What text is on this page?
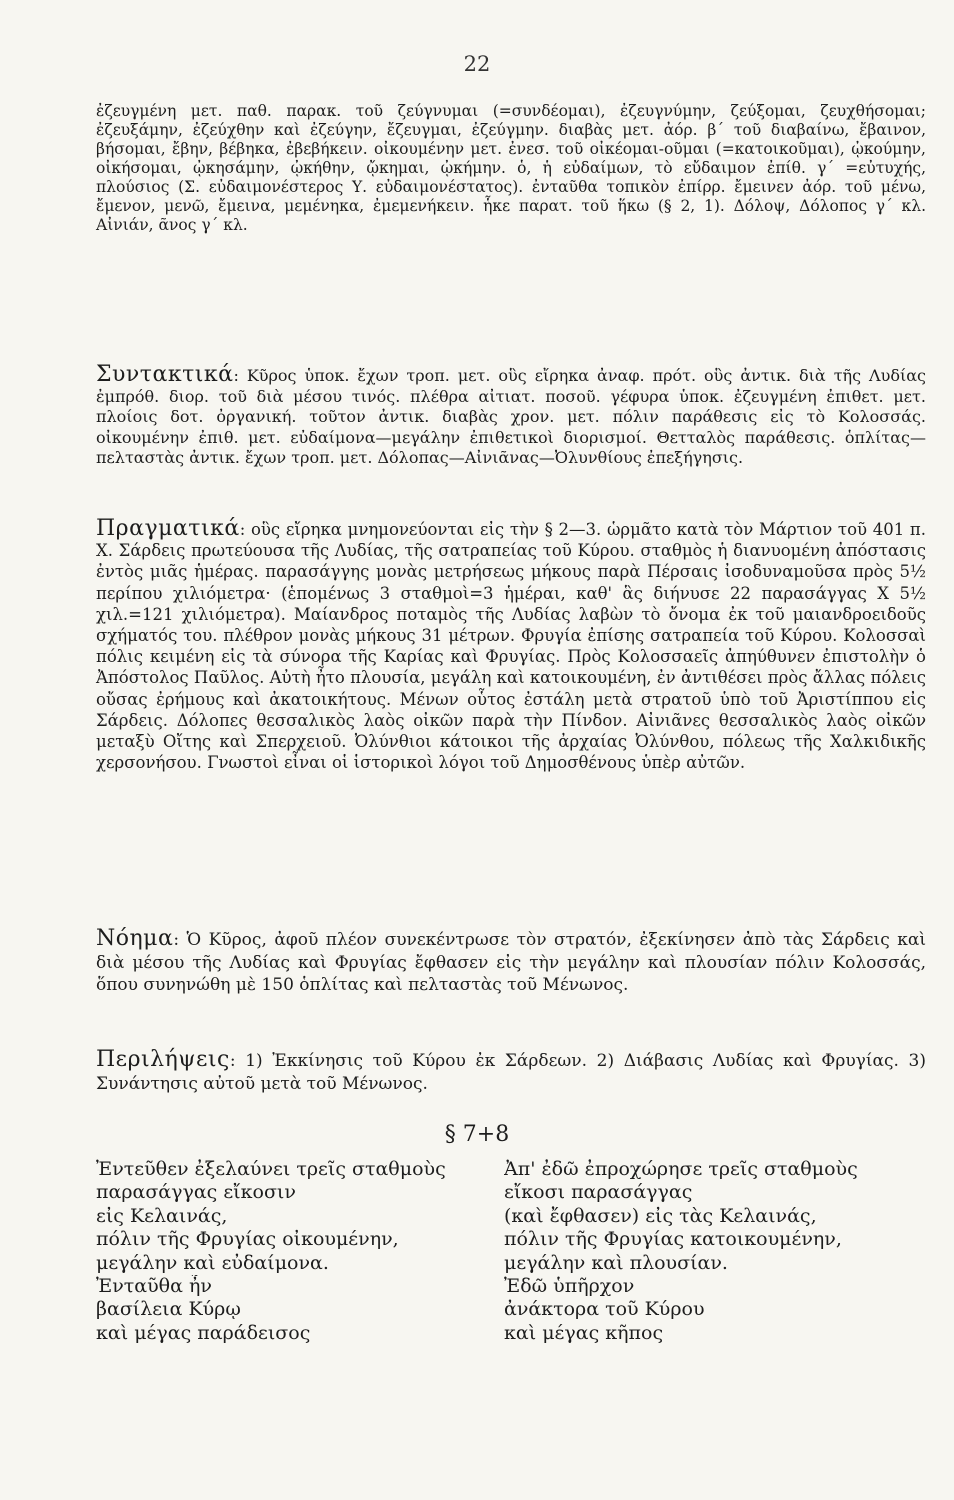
22

ἐζευγμένη μετ. παθ. παρακ. τοῦ ζεύγνυμαι (=συνδέομαι), ἐζευγνύμην, ζεύξομαι, ζευχθήσομαι; ἐζευξάμην, ἐζεύχθην καὶ ἐζεύγην, ἔζευγμαι, ἐζεύγμην. διαβὰς μετ. ἀόρ. β΄ τοῦ διαβαίνω, ἔβαινον, βήσομαι, ἔβην, βέβηκα, ἐβεβήκειν. οἰκουμένην μετ. ἐνεσ. τοῦ οἰκέομαι-οῦμαι (=κατοικοῦμαι), ᾠκούμην, οἰκήσομαι, ᾠκησάμην, ᾠκήθην, ᾤκημαι, ᾠκήμην. ὁ, ἡ εὐδαίμων, τὸ εὔδαιμον ἐπίθ. γ΄ =εὐτυχής, πλούσιος (Σ. εὐδαιμονέστερος Υ. εὐδαιμονέστατος). ἐνταῦθα τοπικὸν ἐπίρρ. ἔμεινεν ἀόρ. τοῦ μένω, ἔμενον, μενῶ, ἔμεινα, μεμένηκα, ἐμεμενήκειν. ἧκε παρατ. τοῦ ἥκω (§ 2, 1). Δόλοψ, Δόλοπος γ΄ κλ. Αἰνιάν, ᾶνος γ΄ κλ.

Συντακτικά: Κῦρος ὑποκ. ἔχων τροπ. μετ. οὓς εἴρηκα ἀναφ. πρότ. οὓς ἀντικ. διὰ τῆς Λυδίας ἐμπρόθ. διορ. τοῦ διὰ μέσου τινός. πλέθρα αἰτιατ. ποσοῦ. γέφυρα ὑποκ. ἐζευγμένη ἐπιθετ. μετ. πλοίοις δοτ. ὀργανική. τοῦτον ἀντικ. διαβὰς χρον. μετ. πόλιν παράθεσις εἰς τὸ Κολοσσάς. οἰκουμένην ἐπιθ. μετ. εὐδαίμονα—μεγάλην ἐπιθετικοὶ διορισμοί. Θετταλὸς παράθεσις. ὁπλίτας—πελταστὰς ἀντικ. ἔχων τροπ. μετ. Δόλοπας—Αἰνιᾶνας—Ὀλυνθίους ἐπεξήγησις.

Πραγματικά: οὓς εἴρηκα μνημονεύονται εἰς τὴν § 2—3. ὡρμᾶτο κατὰ τὸν Μάρτιον τοῦ 401 π. Χ. Σάρδεις πρωτεύουσα τῆς Λυδίας, τῆς σατραπείας τοῦ Κύρου. σταθμὸς ἡ διανυομένη ἀπόστασις ἐντὸς μιᾶς ἡμέρας. παρασάγγης μονὰς μετρήσεως μήκους παρὰ Πέρσαις ἰσοδυναμοῦσα πρὸς 5½ περίπου χιλιόμετρα· (ἑπομένως 3 σταθμοὶ=3 ἡμέραι, καθ' ἃς διήνυσε 22 παρασάγγας X 5½ χιλ.=121 χιλιόμετρα). Μαίανδρος ποταμὸς τῆς Λυδίας λαβὼν τὸ ὄνομα ἐκ τοῦ μαιανδροειδοῦς σχήματός του. πλέθρον μονὰς μήκους 31 μέτρων. Φρυγία ἐπίσης σατραπεία τοῦ Κύρου. Κολοσσαὶ πόλις κειμένη εἰς τὰ σύνορα τῆς Καρίας καὶ Φρυγίας. Πρὸς Κολοσσαεῖς ἀπηύθυνεν ἐπιστολὴν ὁ Ἀπόστολος Παῦλος. Αὐτὴ ἦτο πλουσία, μεγάλη καὶ κατοικουμένη, ἐν ἀντιθέσει πρὸς ἄλλας πόλεις οὔσας ἐρήμους καὶ ἀκατοικήτους. Μένων οὗτος ἐστάλη μετὰ στρατοῦ ὑπὸ τοῦ Ἀριστίππου εἰς Σάρδεις. Δόλοπες θεσσαλικὸς λαὸς οἰκῶν παρὰ τὴν Πίνδον. Αἰνιᾶνες θεσσαλικὸς λαὸς οἰκῶν μεταξὺ Οἴτης καὶ Σπερχειοῦ. Ὀλύνθιοι κάτοικοι τῆς ἀρχαίας Ὀλύνθου, πόλεως τῆς Χαλκιδικῆς χερσονήσου. Γνωστοὶ εἶναι οἱ ἱστορικοὶ λόγοι τοῦ Δημοσθένους ὑπὲρ αὐτῶν.

Νόημα: Ὁ Κῦρος, ἀφοῦ πλέον συνεκέντρωσε τὸν στρατόν, ἐξεκίνησεν ἀπὸ τὰς Σάρδεις καὶ διὰ μέσου τῆς Λυδίας καὶ Φρυγίας ἔφθασεν εἰς τὴν μεγάλην καὶ πλουσίαν πόλιν Κολοσσάς, ὅπου συνηνώθη μὲ 150 ὁπλίτας καὶ πελταστὰς τοῦ Μένωνος.

Περιλήψεις: 1) Ἐκκίνησις τοῦ Κύρου ἐκ Σάρδεων. 2) Διάβασις Λυδίας καὶ Φρυγίας. 3) Συνάντησις αὐτοῦ μετὰ τοῦ Μένωνος.

§ 7+8
Ἐντεῦθεν ἐξελαύνει τρεῖς σταθμοὺς	Ἀπ' ἐδῶ ἐπροχώρησε τρεῖς σταθμοὺς
παρασάγγας εἴκοσιν	εἴκοσι παρασάγγας
εἰς Κελαινάς,	(καὶ ἔφθασεν) εἰς τὰς Κελαινάς,
πόλιν τῆς Φρυγίας οἰκουμένην,	πόλιν τῆς Φρυγίας κατοικουμένην,
μεγάλην καὶ εὐδαίμονα.	μεγάλην καὶ πλουσίαν.
Ἐνταῦθα ἦν	Ἐδῶ ὑπῆρχον
βασίλεια Κύρῳ	ἀνάκτορα τοῦ Κύρου
καὶ μέγας παράδεισος	καὶ μέγας κῆπος
